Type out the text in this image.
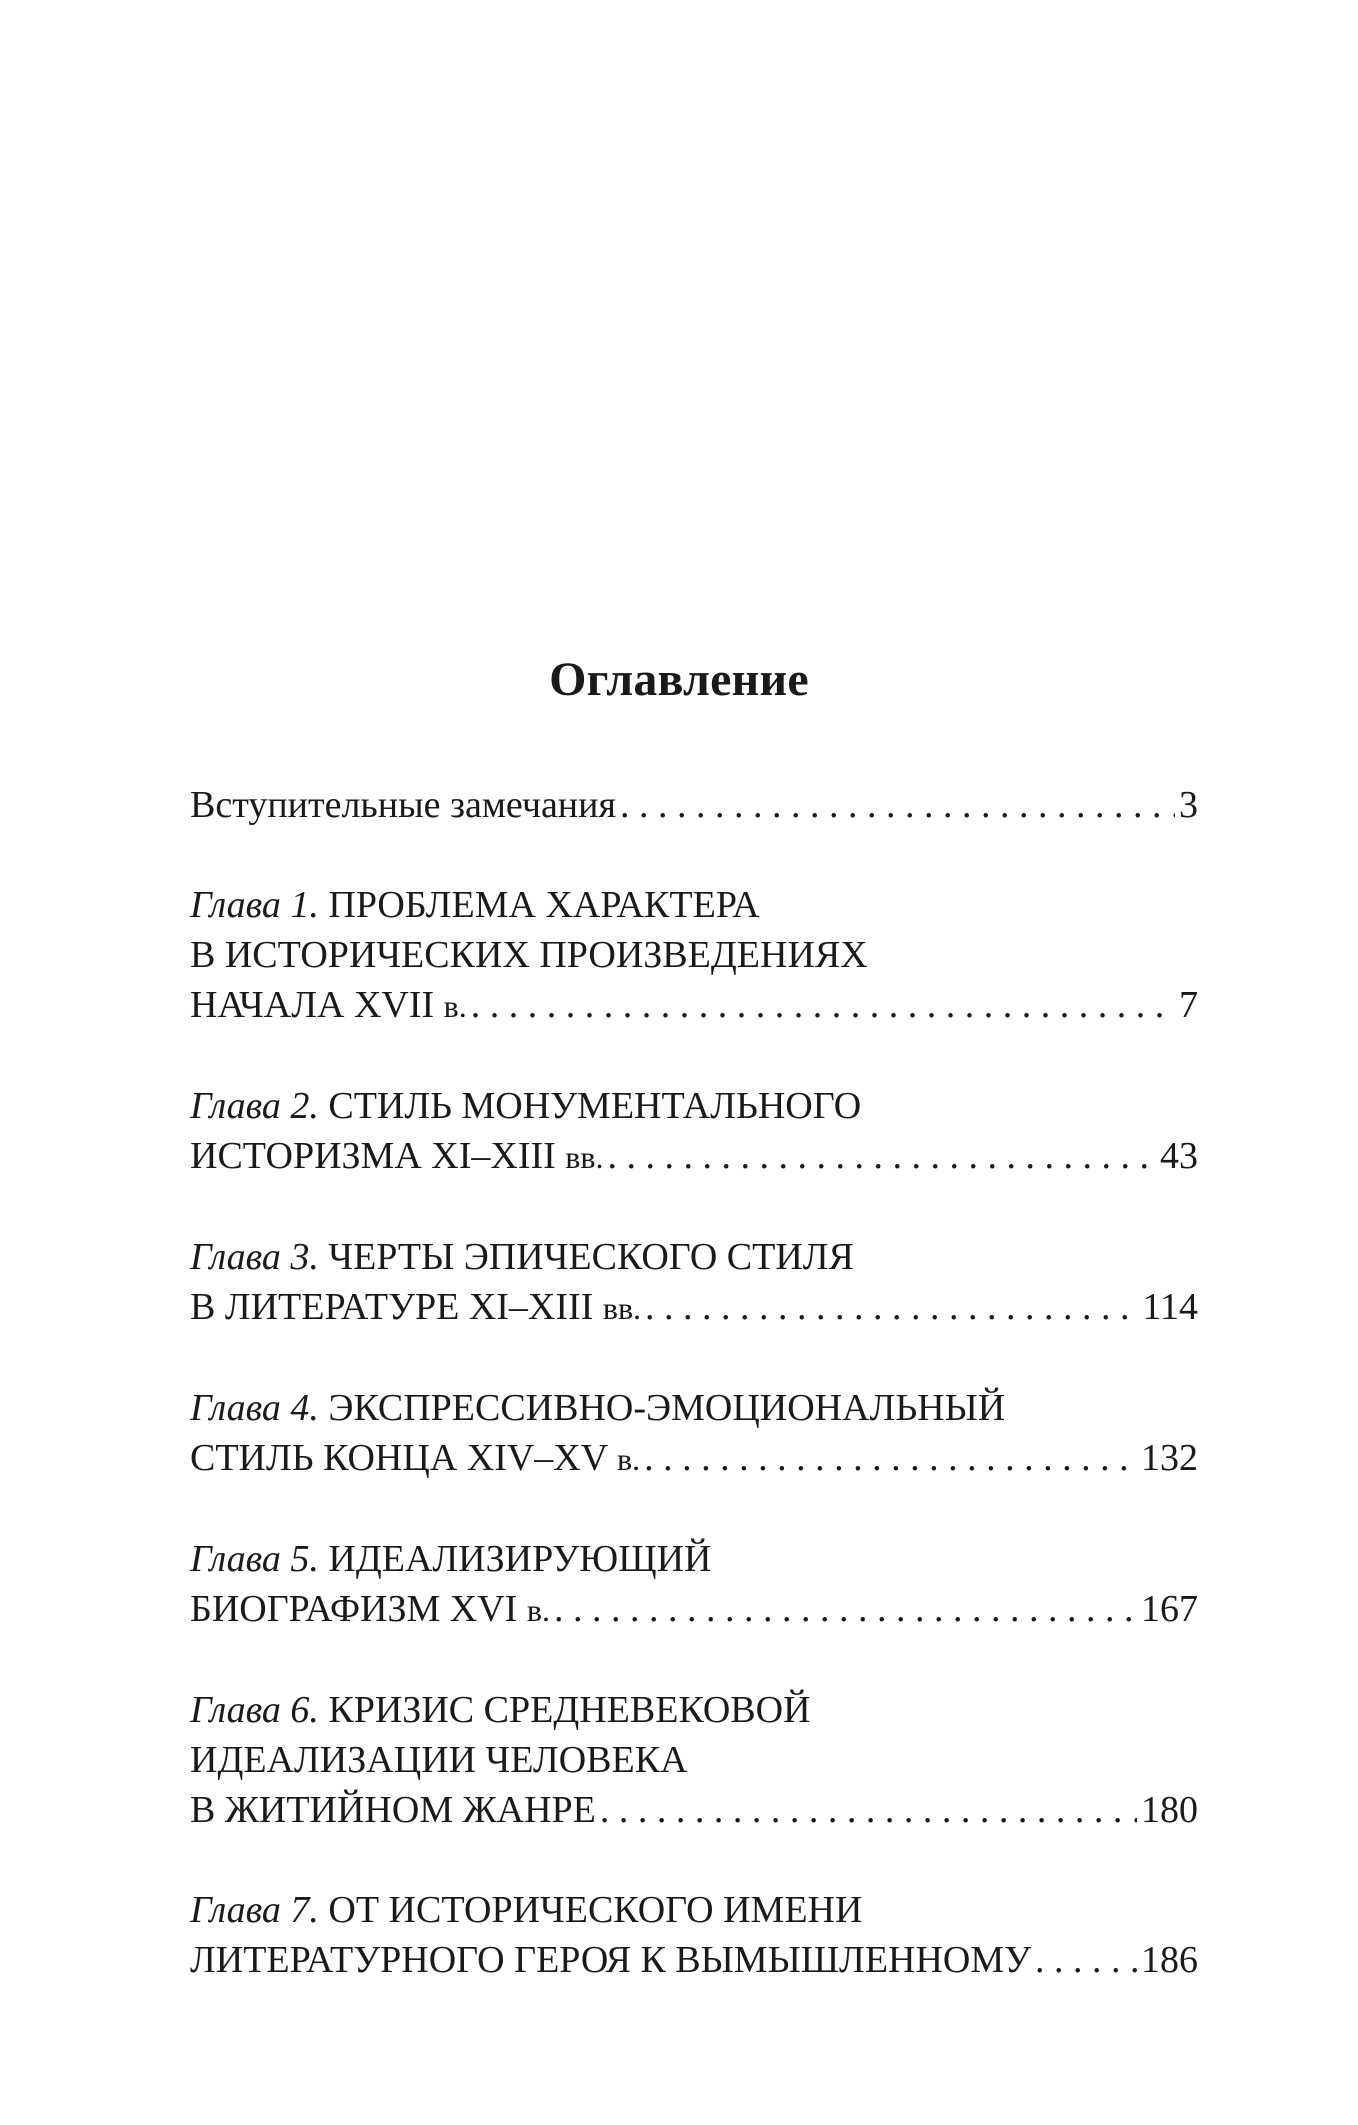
Оглавление
Вступительные замечания . . .	3
Глава 1. ПРОБЛЕМА ХАРАКТЕРА
В ИСТОРИЧЕСКИХ ПРОИЗВЕДЕНИЯХ
НАЧАЛА XVII в. . . .	7
Глава 2. СТИЛЬ МОНУМЕНТАЛЬНОГО
ИСТОРИЗМА XI–XIII вв. . . .	43
Глава 3. ЧЕРТЫ ЭПИЧЕСКОГО СТИЛЯ
В ЛИТЕРАТУРЕ XI–XIII вв. . . .	114
Глава 4. ЭКСПРЕССИВНО-ЭМОЦИОНАЛЬНЫЙ
СТИЛЬ КОНЦА XIV–XV в. . . .	132
Глава 5. ИДЕАЛИЗИРУЮЩИЙ
БИОГРАФИЗМ XVI в. . . .	167
Глава 6. КРИЗИС СРЕДНЕВЕКОВОЙ
ИДЕАЛИЗАЦИИ ЧЕЛОВЕКА
В ЖИТИЙНОМ ЖАНРЕ . . .	180
Глава 7. ОТ ИСТОРИЧЕСКОГО ИМЕНИ
ЛИТЕРАТУРНОГО ГЕРОЯ К ВЫМЫШЛЕННОМУ . . .	186
